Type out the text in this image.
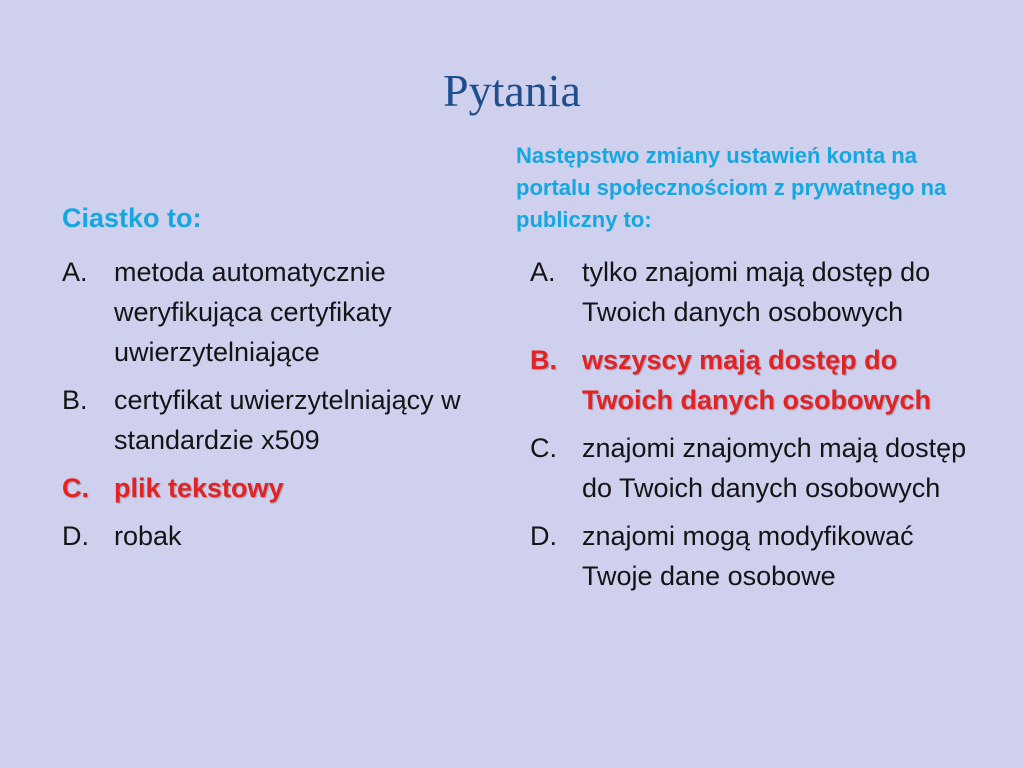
Pytania
Ciastko to:
A. metoda automatycznie weryfikująca certyfikaty uwierzytelniające
B. certyfikat uwierzytelniający w standardzie x509
C. plik tekstowy
D. robak
Następstwo zmiany ustawień konta na portalu społecznościom z prywatnego na publiczny to:
A. tylko znajomi mają dostęp do Twoich danych osobowych
B. wszyscy mają dostęp do Twoich danych osobowych
C. znajomi znajomych mają dostęp do Twoich danych osobowych
D. znajomi mogą modyfikować Twoje dane osobowe
